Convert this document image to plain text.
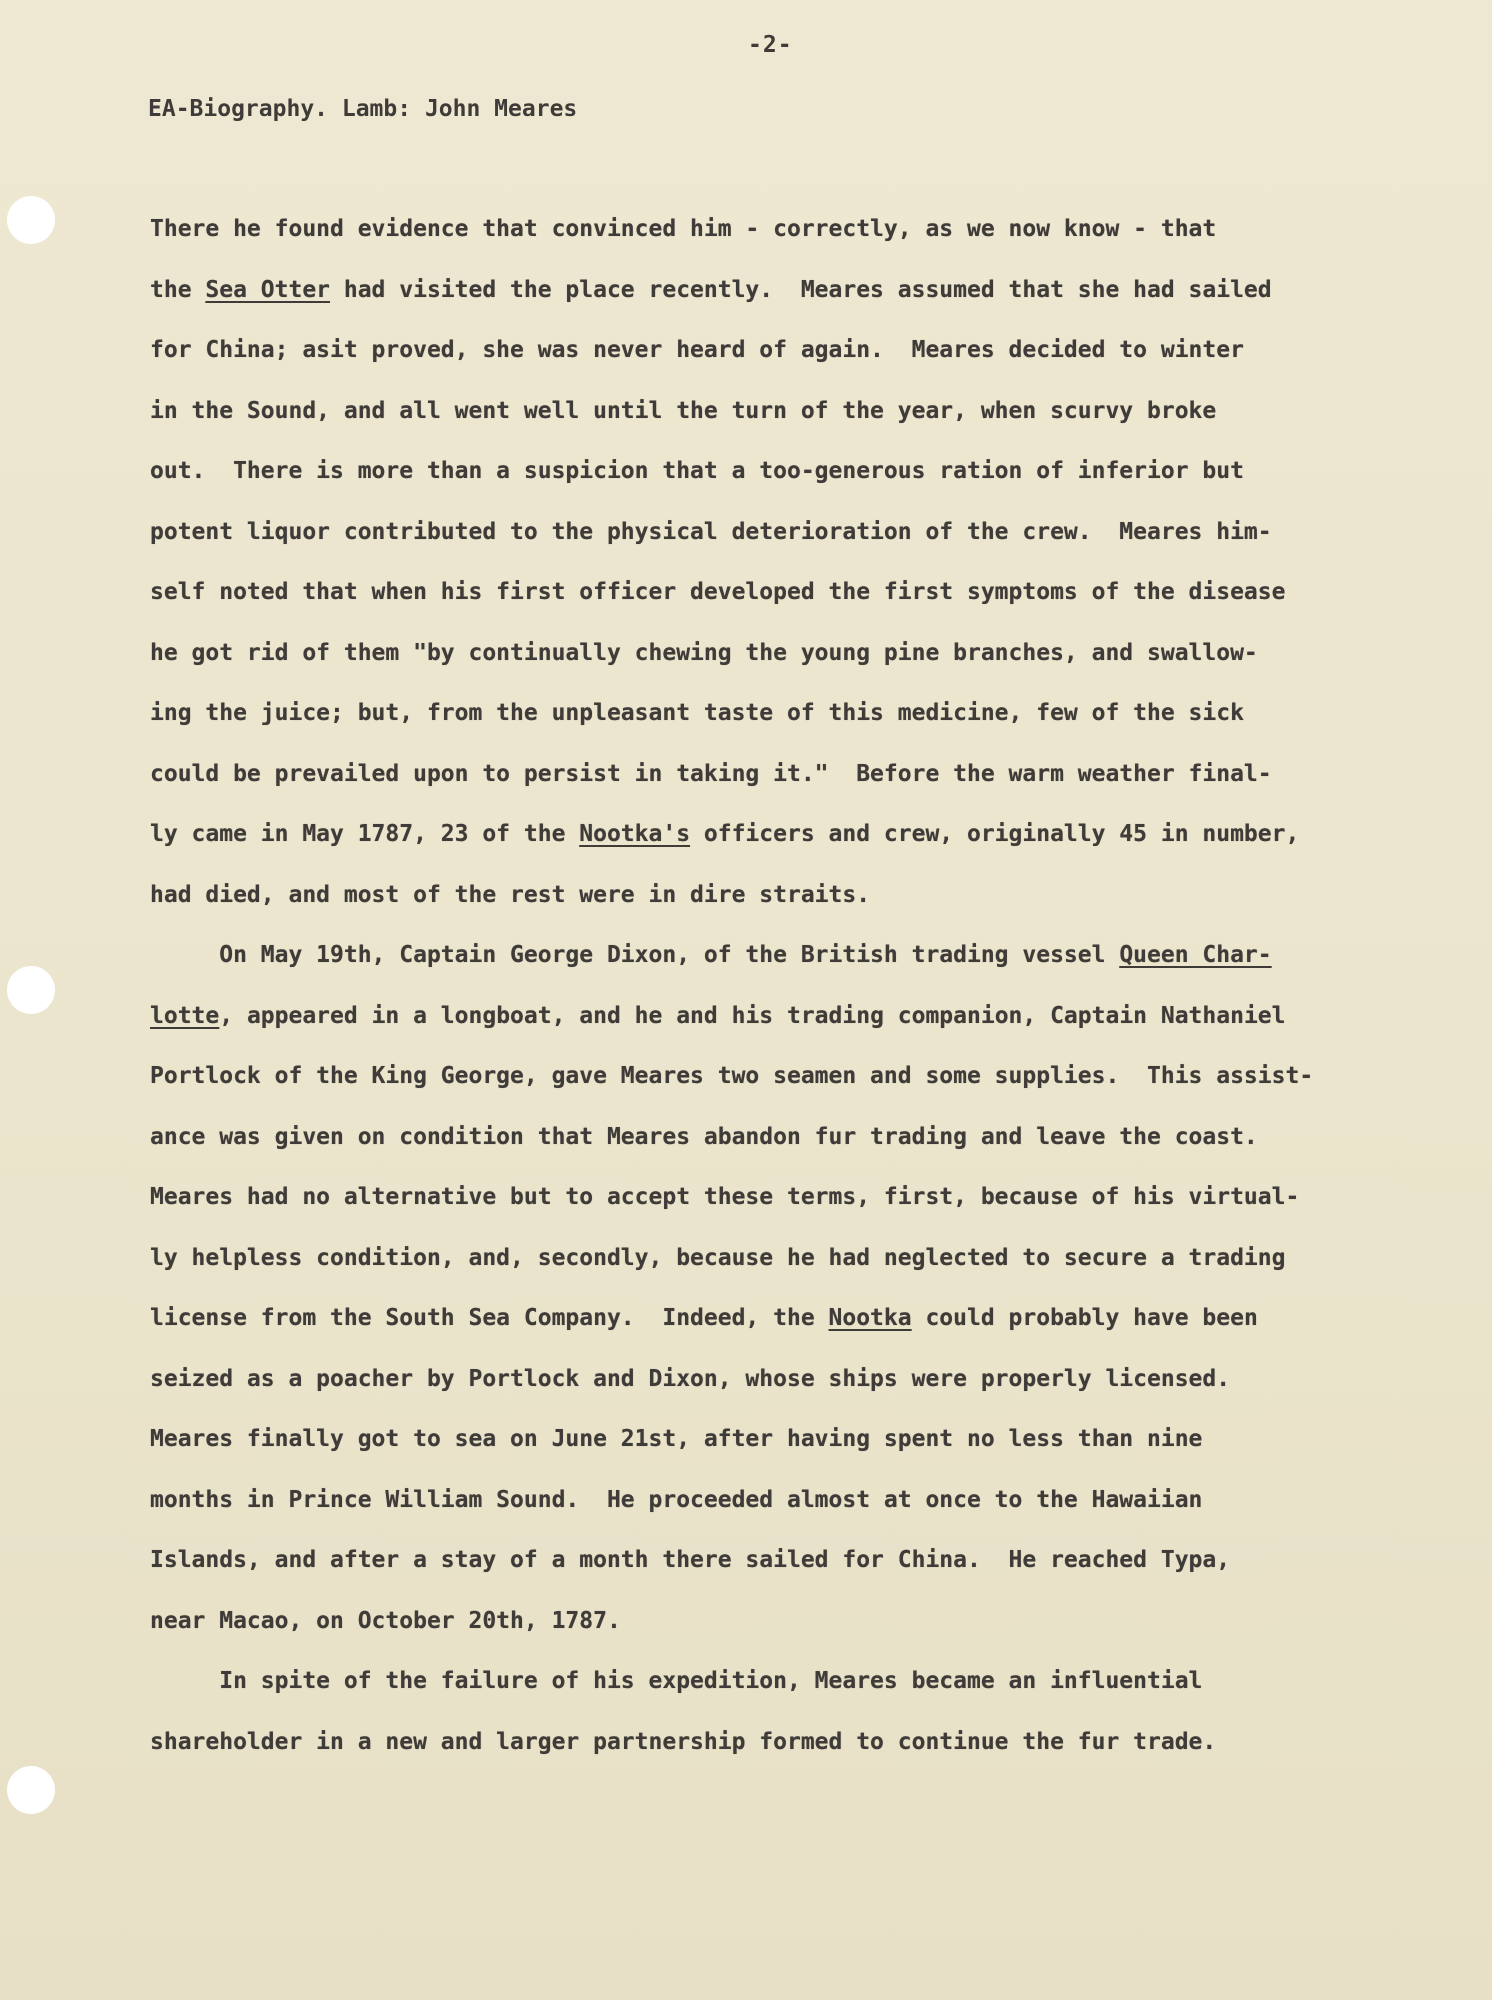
-2-
EA-Biography. Lamb: John Meares
There he found evidence that convinced him - correctly, as we now know - that
the Sea Otter had visited the place recently.  Meares assumed that she had sailed
for China; asit proved, she was never heard of again.  Meares decided to winter
in the Sound, and all went well until the turn of the year, when scurvy broke
out.  There is more than a suspicion that a too-generous ration of inferior but
potent liquor contributed to the physical deterioration of the crew.  Meares him-
self noted that when his first officer developed the first symptoms of the disease
he got rid of them "by continually chewing the young pine branches, and swallow-
ing the juice; but, from the unpleasant taste of this medicine, few of the sick
could be prevailed upon to persist in taking it."  Before the warm weather final-
ly came in May 1787, 23 of the Nootka's officers and crew, originally 45 in number,
had died, and most of the rest were in dire straits.
On May 19th, Captain George Dixon, of the British trading vessel Queen Char-
lotte, appeared in a longboat, and he and his trading companion, Captain Nathaniel
Portlock of the King George, gave Meares two seamen and some supplies.  This assist-
ance was given on condition that Meares abandon fur trading and leave the coast.
Meares had no alternative but to accept these terms, first, because of his virtual-
ly helpless condition, and, secondly, because he had neglected to secure a trading
license from the South Sea Company.  Indeed, the Nootka could probably have been
seized as a poacher by Portlock and Dixon, whose ships were properly licensed.
Meares finally got to sea on June 21st, after having spent no less than nine
months in Prince William Sound.  He proceeded almost at once to the Hawaiian
Islands, and after a stay of a month there sailed for China.  He reached Typa,
near Macao, on October 20th, 1787.
In spite of the failure of his expedition, Meares became an influential
shareholder in a new and larger partnership formed to continue the fur trade.
